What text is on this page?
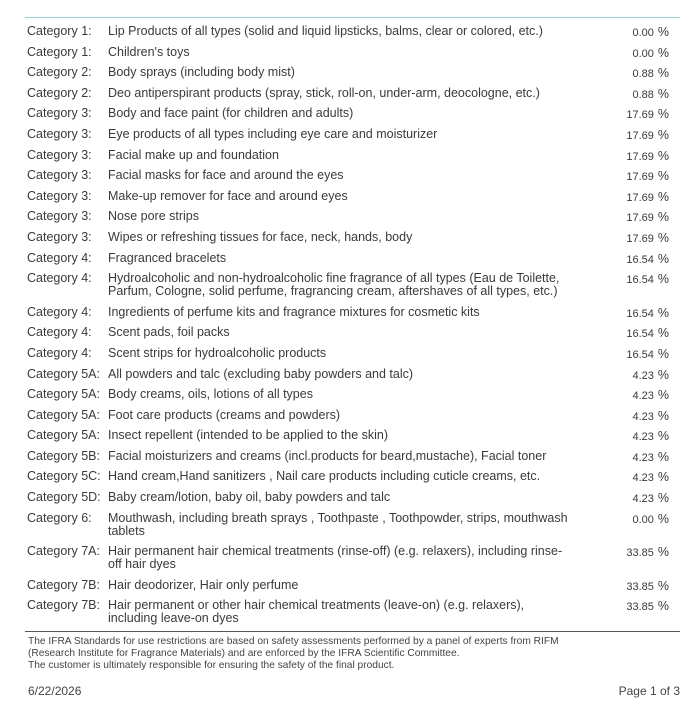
Category 1: Lip Products of all types (solid and liquid lipsticks, balms, clear or colored, etc.)	0.00 %
Category 1: Children's toys	0.00 %
Category 2: Body sprays (including body mist)	0.88 %
Category 2: Deo antiperspirant products (spray, stick, roll-on, under-arm, deocologne, etc.)	0.88 %
Category 3: Body and face paint (for children and adults)	17.69 %
Category 3: Eye products of all types including eye care and moisturizer	17.69 %
Category 3: Facial make up and foundation	17.69 %
Category 3: Facial masks for face and around the eyes	17.69 %
Category 3: Make-up remover for face and around eyes	17.69 %
Category 3: Nose pore strips	17.69 %
Category 3: Wipes or refreshing tissues for face, neck, hands, body	17.69 %
Category 4: Fragranced bracelets	16.54 %
Category 4: Hydroalcoholic and non-hydroalcoholic fine fragrance of all types (Eau de Toilette, Parfum, Cologne, solid perfume, fragrancing cream, aftershaves of all types, etc.)
16.54 %
Category 4: Ingredients of perfume kits and fragrance mixtures for cosmetic kits	16.54 %
Category 4: Scent pads, foil packs	16.54 %
Category 4: Scent strips for hydroalcoholic products	16.54 %
Category 5A: All powders and talc (excluding baby powders and talc)	4.23 %
Category 5A: Body creams, oils, lotions of all types	4.23 %
Category 5A: Foot care products (creams and powders)	4.23 %
Category 5A: Insect repellent (intended to be applied to the skin)	4.23 %
Category 5B: Facial moisturizers and creams (incl.products for beard,mustache), Facial toner	4.23 %
Category 5C: Hand cream,Hand sanitizers , Nail care products including cuticle creams, etc.	4.23 %
Category 5D: Baby cream/lotion, baby oil, baby powders and talc	4.23 %
Category 6: Mouthwash, including breath sprays , Toothpaste , Toothpowder, strips, mouthwash tablets
0.00 %
Category 7A: Hair permanent hair chemical treatments (rinse-off) (e.g. relaxers), including rinse-off hair dyes
33.85 %
Category 7B: Hair deodorizer, Hair only perfume	33.85 %
Category 7B: Hair permanent or other hair chemical treatments (leave-on) (e.g. relaxers), including leave-on dyes
33.85 %
The IFRA Standards for use restrictions are based on safety assessments performed by a panel of experts from RIFM
(Research Institute for Fragrance Materials) and are enforced by the IFRA Scientific Committee.
The customer is ultimately responsible for ensuring the safety of the final product.
6/22/2026	Page 1 of 3
